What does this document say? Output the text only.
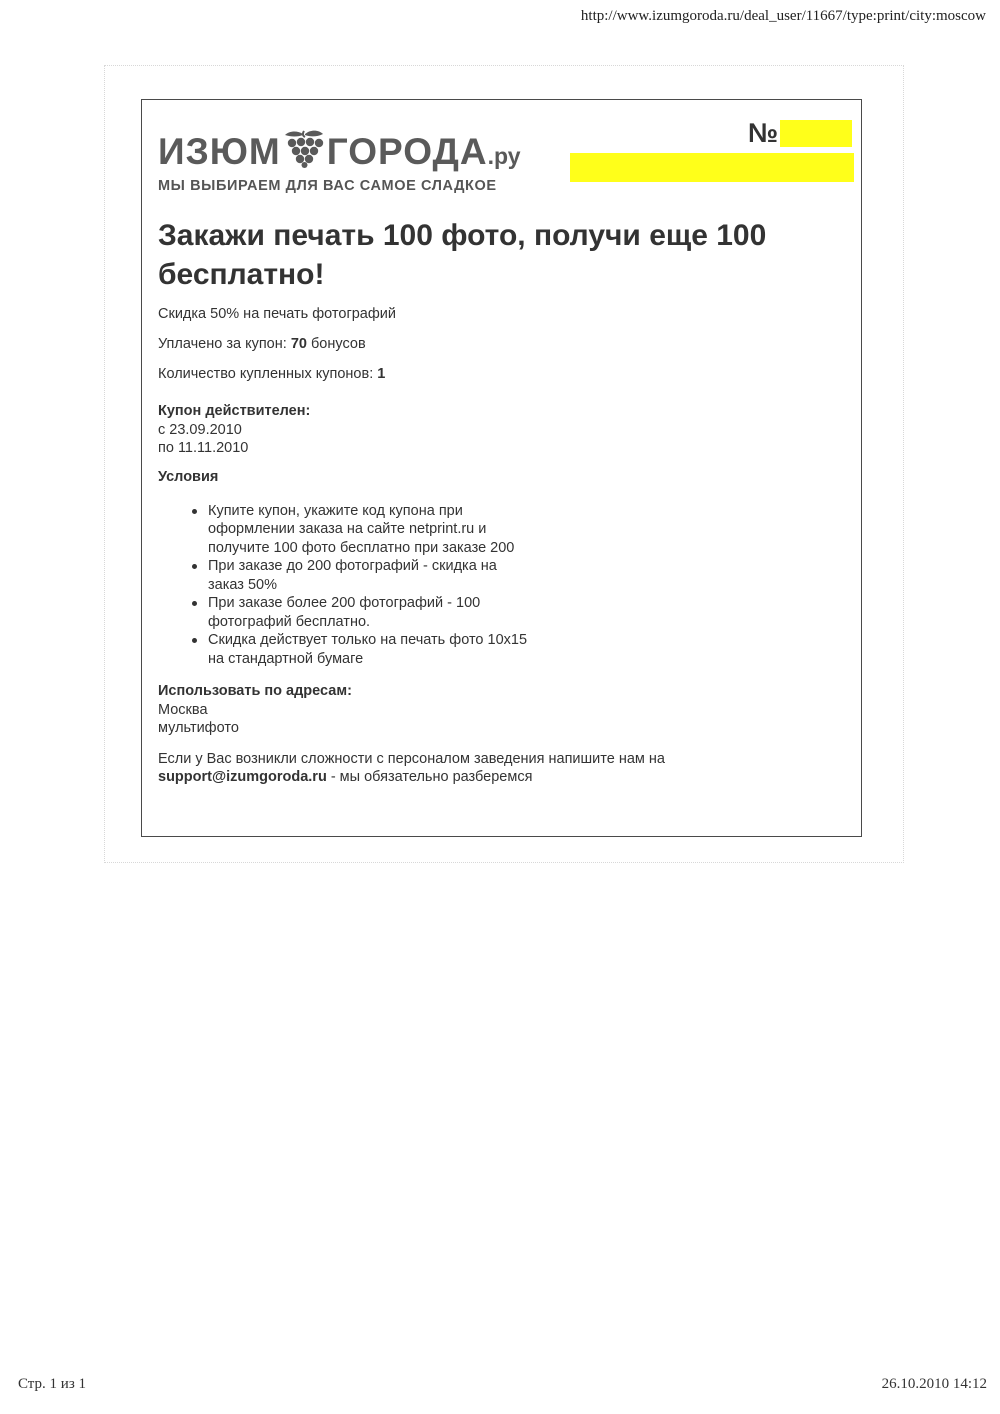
http://www.izumgoroda.ru/deal_user/11667/type:print/city:moscow
ИЗЮМ ГОРОДА.ру
МЫ ВЫБИРАЕМ ДЛЯ ВАС САМОЕ СЛАДКОЕ
№
Закажи печать 100 фото, получи еще 100 бесплатно!
Скидка 50% на печать фотографий
Уплачено за купон: 70 бонусов
Количество купленных купонов: 1
Купон действителен:
с 23.09.2010
по 11.11.2010
Условия
Купите купон, укажите код купона при оформлении заказа на сайте netprint.ru и получите 100 фото бесплатно при заказе 200
При заказе до 200 фотографий - скидка на заказ 50%
При заказе более 200 фотографий - 100 фотографий бесплатно.
Скидка действует только на печать фото 10х15 на стандартной бумаге
Использовать по адресам:
Москва
мультифото
Если у Вас возникли сложности с персоналом заведения напишите нам на
support@izumgoroda.ru - мы обязательно разберемся
Стр. 1 из 1	26.10.2010 14:12
